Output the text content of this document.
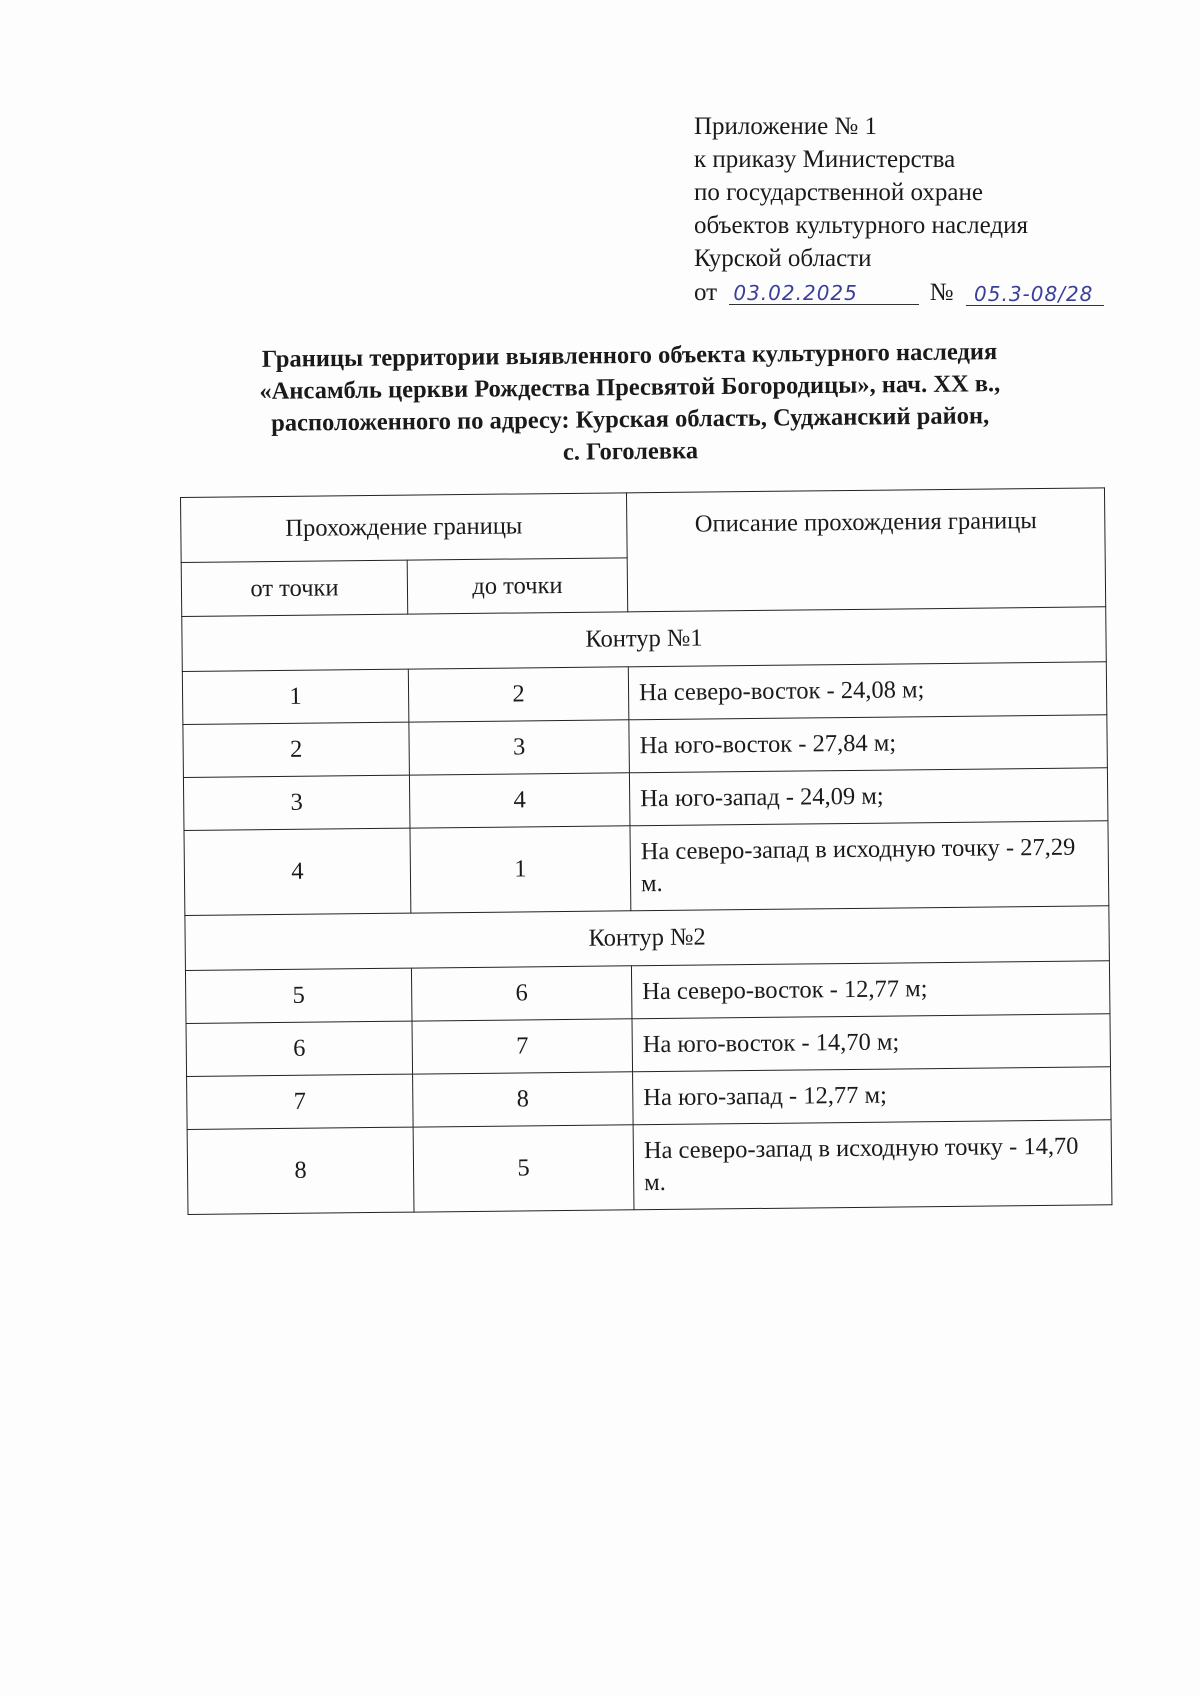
Приложение № 1
к приказу Министерства
по государственной охране
объектов культурного наследия
Курской области
от 03.02.2025	№ 05.3-08/28
Границы территории выявленного объекта культурного наследия
«Ансамбль церкви Рождества Пресвятой Богородицы», нач. XX в.,
расположенного по адресу: Курская область, Суджанский район,
с. Гоголевка
Прохождение границы		Описание прохождения границы
от точки	до точки	
Контур №1		
1	2	На северо-восток - 24,08 м;
2	3	На юго-восток - 27,84 м;
3	4	На юго-запад - 24,09 м;
4	1	На северо-запад в исходную точку - 27,29 м.
Контур №2		
5	6	На северо-восток - 12,77 м;
6	7	На юго-восток - 14,70 м;
7	8	На юго-запад - 12,77 м;
8	5	На северо-запад в исходную точку - 14,70 м.
